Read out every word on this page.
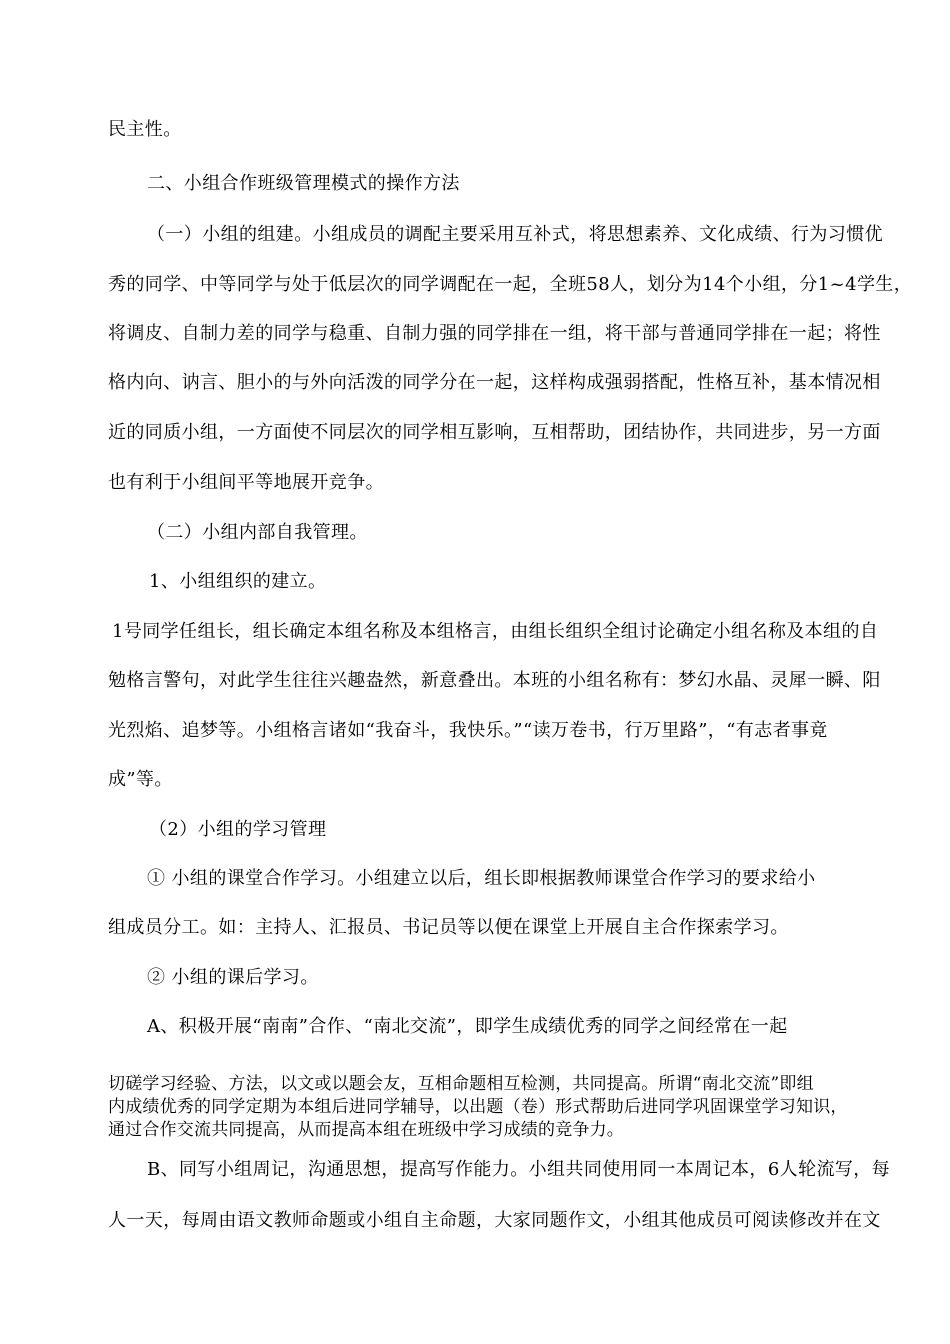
民主性。
二、小组合作班级管理模式的操作方法
（一）小组的组建。小组成员的调配主要采用互补式，将思想素养、文化成绩、行为习惯优
秀的同学、中等同学与处于低层次的同学调配在一起，全班58人，划分为14个小组，分1~4学生，
将调皮、自制力差的同学与稳重、自制力强的同学排在一组，将干部与普通同学排在一起；将性
格内向、讷言、胆小的与外向活泼的同学分在一起，这样构成强弱搭配，性格互补，基本情况相
近的同质小组，一方面使不同层次的同学相互影响，互相帮助，团结协作，共同进步，另一方面
也有利于小组间平等地展开竞争。
（二）小组内部自我管理。
1、小组组织的建立。
1号同学任组长，组长确定本组名称及本组格言，由组长组织全组讨论确定小组名称及本组的自
勉格言警句，对此学生往往兴趣盎然，新意叠出。本班的小组名称有：梦幻水晶、灵犀一瞬、阳
光烈焰、追梦等。小组格言诸如“我奋斗，我快乐。”“读万卷书，行万里路”，“有志者事竟
成”等。
（2）小组的学习管理
① 小组的课堂合作学习。小组建立以后，组长即根据教师课堂合作学习的要求给小
组成员分工。如：主持人、汇报员、书记员等以便在课堂上开展自主合作探索学习。
② 小组的课后学习。
A、积极开展“南南”合作、“南北交流”，即学生成绩优秀的同学之间经常在一起
切磋学习经验、方法，以文或以题会友，互相命题相互检测，共同提高。所谓“南北交流”即组
内成绩优秀的同学定期为本组后进同学辅导，以出题（卷）形式帮助后进同学巩固课堂学习知识，
通过合作交流共同提高，从而提高本组在班级中学习成绩的竞争力。
B、同写小组周记，沟通思想，提高写作能力。小组共同使用同一本周记本，6人轮流写，每
人一天，每周由语文教师命题或小组自主命题，大家同题作文，小组其他成员可阅读修改并在文
